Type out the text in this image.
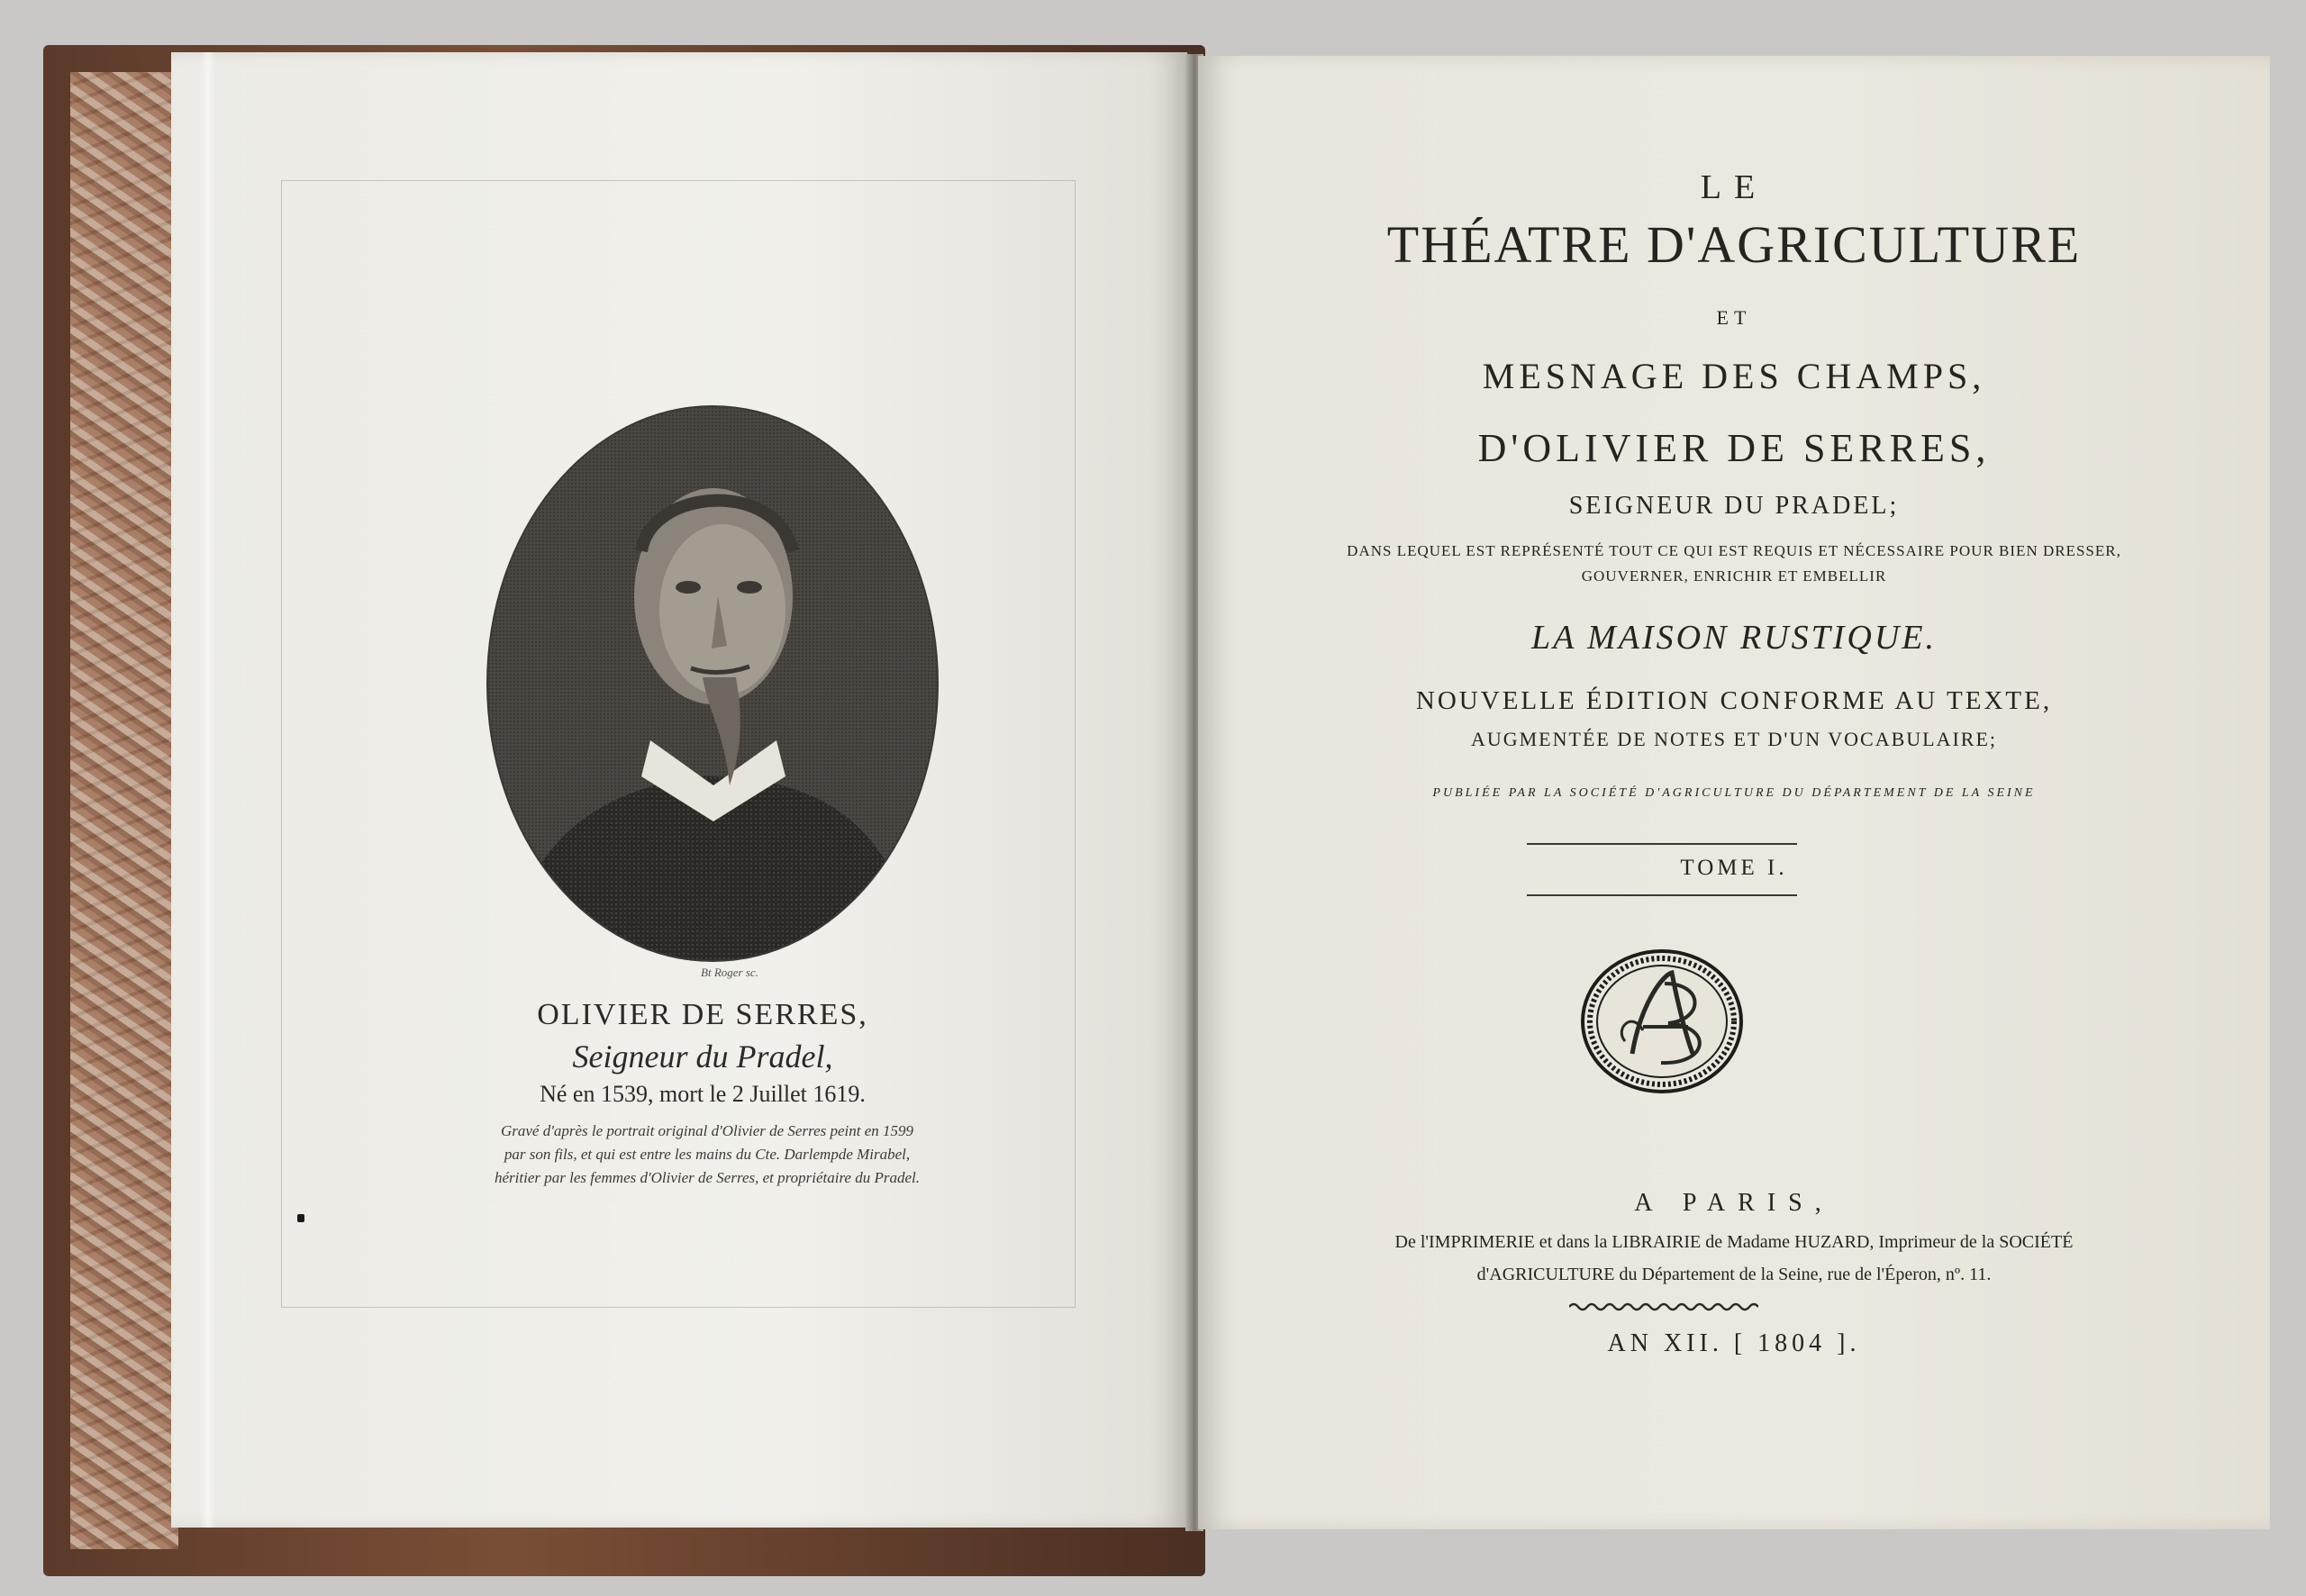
Bt Roger sc.
OLIVIER DE SERRES,
Seigneur du Pradel,
Né en 1539, mort le 2 Juillet 1619.
Gravé d'après le portrait original d'Olivier de Serres peint en 1599
par son fils, et qui est entre les mains du Cte. Darlempde Mirabel,
héritier par les femmes d'Olivier de Serres, et propriétaire du Pradel.
LE
THÉATRE D'AGRICULTURE
ET
MESNAGE DES CHAMPS,
D'OLIVIER DE SERRES,
SEIGNEUR DU PRADEL;
DANS LEQUEL EST REPRÉSENTÉ TOUT CE QUI EST REQUIS ET NÉCESSAIRE POUR BIEN DRESSER,
GOUVERNER, ENRICHIR ET EMBELLIR
LA MAISON RUSTIQUE.
NOUVELLE ÉDITION CONFORME AU TEXTE,
AUGMENTÉE DE NOTES ET D'UN VOCABULAIRE;
PUBLIÉE PAR LA SOCIÉTÉ D'AGRICULTURE DU DÉPARTEMENT DE LA SEINE
TOME I.
A PARIS,
De l'IMPRIMERIE et dans la LIBRAIRIE de Madame HUZARD, Imprimeur de la SOCIÉTÉ
d'AGRICULTURE du Département de la Seine, rue de l'Éperon, nº. 11.
AN XII. [ 1804 ].
